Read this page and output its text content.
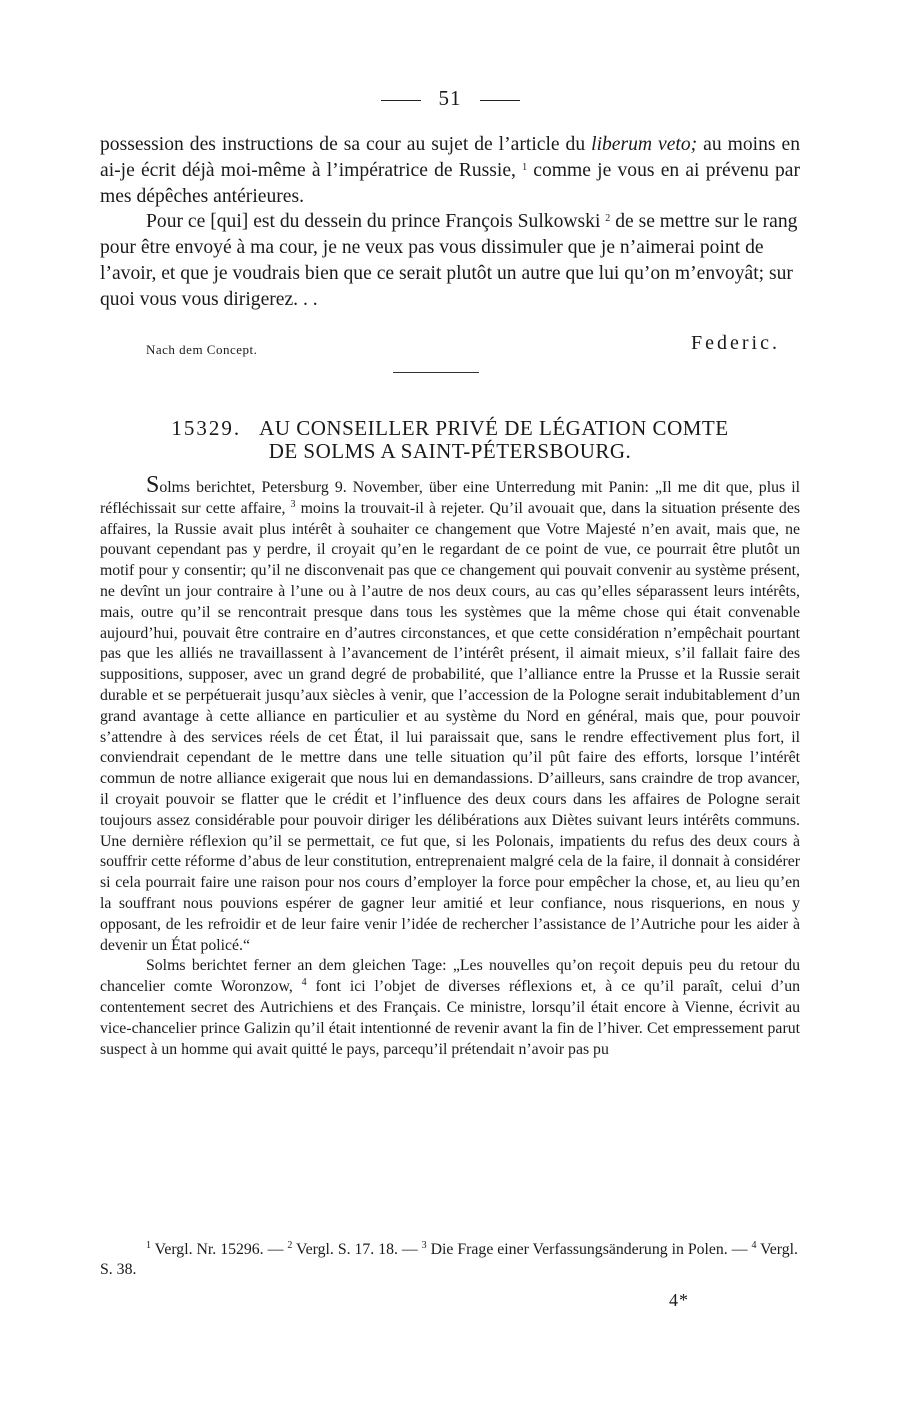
51

possession des instructions de sa cour au sujet de l’article du liberum veto; au moins en ai-je écrit déjà moi-même à l’impératrice de Russie, $^1$ comme je vous en ai prévenu par mes dépêches antérieures.

Pour ce [qui] est du dessein du prince François Sulkowski $^2$ de se mettre sur le rang pour être envoyé à ma cour, je ne veux pas vous dissimuler que je n’aimerai point de l’avoir, et que je voudrais bien que ce serait plutôt un autre que lui qu’on m’envoyât; sur quoi vous vous dirigerez. . .

Nach dem Concept.	Federic.
15329. AU CONSEILLER PRIVÉ DE LÉGATION COMTE
DE SOLMS A SAINT-PÉTERSBOURG.

Solms berichtet, Petersburg 9. November, über eine Unterredung mit Panin: „Il me dit que, plus il réfléchissait sur cette affaire, $^3$ moins la trouvait-il à rejeter. Qu’il avouait que, dans la situation présente des affaires, la Russie avait plus intérêt à souhaiter ce changement que Votre Majesté n’en avait, mais que, ne pouvant cependant pas y perdre, il croyait qu’en le regardant de ce point de vue, ce pourrait être plutôt un motif pour y consentir; qu’il ne disconvenait pas que ce changement qui pouvait convenir au système présent, ne devînt un jour contraire à l’une ou à l’autre de nos deux cours, au cas qu’elles séparassent leurs intérêts, mais, outre qu’il se rencontrait presque dans tous les systèmes que la même chose qui était convenable aujourd’hui, pouvait être contraire en d’autres circonstances, et que cette considération n’empêchait pourtant pas que les alliés ne travaillassent à l’avancement de l’intérêt présent, il aimait mieux, s’il fallait faire des suppositions, supposer, avec un grand degré de probabilité, que l’alliance entre la Prusse et la Russie serait durable et se perpétuerait jusqu’aux siècles à venir, que l’accession de la Pologne serait indubitablement d’un grand avantage à cette alliance en particulier et au système du Nord en général, mais que, pour pouvoir s’attendre à des services réels de cet État, il lui paraissait que, sans le rendre effectivement plus fort, il conviendrait cependant de le mettre dans une telle situation qu’il pût faire des efforts, lorsque l’intérêt commun de notre alliance exigerait que nous lui en demandassions. D’ailleurs, sans craindre de trop avancer, il croyait pouvoir se flatter que le crédit et l’influence des deux cours dans les affaires de Pologne serait toujours assez considérable pour pouvoir diriger les délibérations aux Diètes suivant leurs intérêts communs. Une dernière réflexion qu’il se permettait, ce fut que, si les Polonais, impatients du refus des deux cours à souffrir cette réforme d’abus de leur constitution, entreprenaient malgré cela de la faire, il donnait à considérer si cela pourrait faire une raison pour nos cours d’employer la force pour empêcher la chose, et, au lieu qu’en la souffrant nous pouvions espérer de gagner leur amitié et leur confiance, nous risquerions, en nous y opposant, de les refroidir et de leur faire venir l’idée de rechercher l’assistance de l’Autriche pour les aider à devenir un État policé.“

Solms berichtet ferner an dem gleichen Tage: „Les nouvelles qu’on reçoit depuis peu du retour du chancelier comte Woronzow, $^4$ font ici l’objet de diverses réflexions et, à ce qu’il paraît, celui d’un contentement secret des Autrichiens et des Français. Ce ministre, lorsqu’il était encore à Vienne, écrivit au vice-chancelier prince Galizin qu’il était intentionné de revenir avant la fin de l’hiver. Cet empressement parut suspect à un homme qui avait quitté le pays, parcequ’il prétendait n’avoir pas pu

$^1$ Vergl. Nr. 15296. — $^2$ Vergl. S. 17. 18. — $^3$ Die Frage einer Verfassungsänderung in Polen. — $^4$ Vergl. S. 38.

4*
